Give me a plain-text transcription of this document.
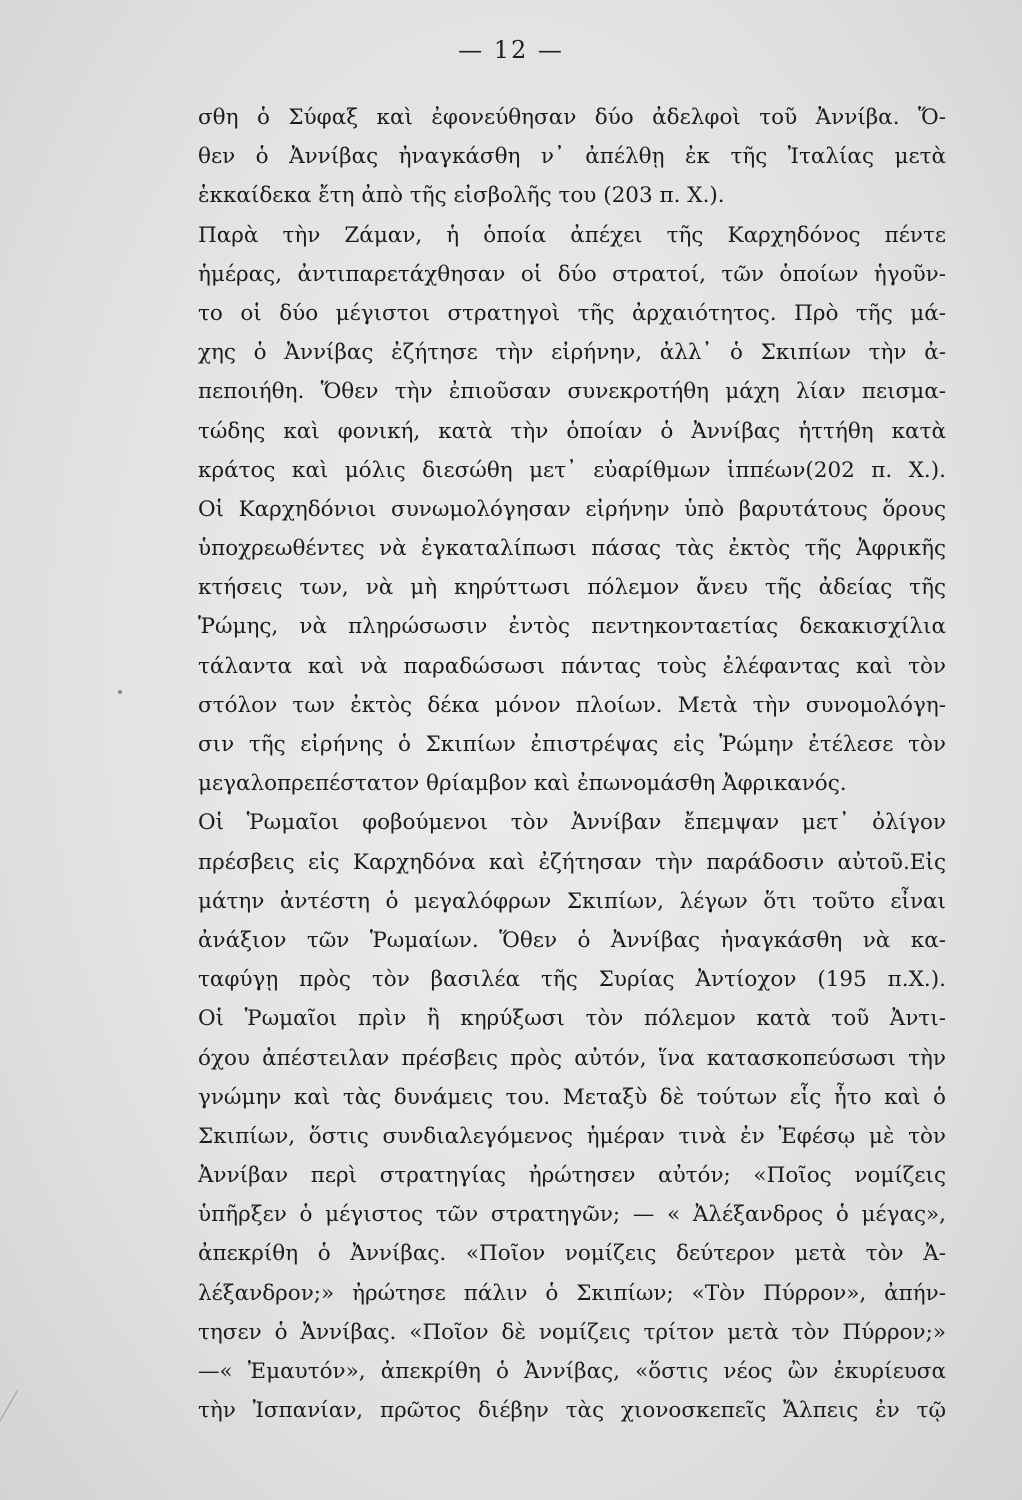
— 12 —
σθη ὁ Σύφαξ καὶ ἐφονεύθησαν δύο ἀδελφοὶ τοῦ Ἀννίβα. Ὅ-
θεν ὁ Ἀννίβας ἠναγκάσθη ν᾽ ἀπέλθῃ ἐκ τῆς Ἰταλίας μετὰ
ἑκκαίδεκα ἔτη ἀπὸ τῆς εἰσβολῆς του (203 π. Χ.).
Παρὰ τὴν Ζάμαν, ἡ ὁποία ἀπέχει τῆς Καρχηδόνος πέντε
ἡμέρας, ἀντιπαρετάχθησαν οἱ δύο στρατοί, τῶν ὁποίων ἡγοῦν-
το οἱ δύο μέγιστοι στρατηγοὶ τῆς ἀρχαιότητος. Πρὸ τῆς μά-
χης ὁ Ἀννίβας ἐζήτησε τὴν εἰρήνην, ἀλλ᾽ ὁ Σκιπίων τὴν ἀ-
πεποιήθη. Ὅθεν τὴν ἐπιοῦσαν συνεκροτήθη μάχη λίαν πεισμα-
τώδης καὶ φονική, κατὰ τὴν ὁποίαν ὁ Ἀννίβας ἡττήθη κατὰ
κράτος καὶ μόλις διεσώθη μετ᾽ εὐαρίθμων ἱππέων(202 π. Χ.).
Οἱ Καρχηδόνιοι συνωμολόγησαν εἰρήνην ὑπὸ βαρυτάτους ὅρους
ὑποχρεωθέντες νὰ ἐγκαταλίπωσι πάσας τὰς ἐκτὸς τῆς Ἀφρικῆς
κτήσεις των, νὰ μὴ κηρύττωσι πόλεμον ἄνευ τῆς ἀδείας τῆς
Ῥώμης, νὰ πληρώσωσιν ἐντὸς πεντηκονταετίας δεκακισχίλια
τάλαντα καὶ νὰ παραδώσωσι πάντας τοὺς ἐλέφαντας καὶ τὸν
στόλον των ἐκτὸς δέκα μόνον πλοίων. Μετὰ τὴν συνομολόγη-
σιν τῆς εἰρήνης ὁ Σκιπίων ἐπιστρέψας εἰς Ῥώμην ἐτέλεσε τὸν
μεγαλοπρεπέστατον θρίαμβον καὶ ἐπωνομάσθη Ἀφρικανός.
Οἱ Ῥωμαῖοι φοβούμενοι τὸν Ἀννίβαν ἔπεμψαν μετ᾽ ὀλίγον
πρέσβεις εἰς Καρχηδόνα καὶ ἐζήτησαν τὴν παράδοσιν αὐτοῦ.Εἰς
μάτην ἀντέστη ὁ μεγαλόφρων Σκιπίων, λέγων ὅτι τοῦτο εἶναι
ἀνάξιον τῶν Ῥωμαίων. Ὅθεν ὁ Ἀννίβας ἠναγκάσθη νὰ κα-
ταφύγῃ πρὸς τὸν βασιλέα τῆς Συρίας Ἀντίοχον (195 π.Χ.).
Οἱ Ῥωμαῖοι πρὶν ἢ κηρύξωσι τὸν πόλεμον κατὰ τοῦ Ἀντι-
όχου ἀπέστειλαν πρέσβεις πρὸς αὐτόν, ἵνα κατασκοπεύσωσι τὴν
γνώμην καὶ τὰς δυνάμεις του. Μεταξὺ δὲ τούτων εἷς ἦτο καὶ ὁ
Σκιπίων, ὅστις συνδιαλεγόμενος ἡμέραν τινὰ ἐν Ἐφέσῳ μὲ τὸν
Ἀννίβαν περὶ στρατηγίας ἠρώτησεν αὐτόν; «Ποῖος νομίζεις
ὑπῆρξεν ὁ μέγιστος τῶν στρατηγῶν; — « Ἀλέξανδρος ὁ μέγας»,
ἀπεκρίθη ὁ Ἀννίβας. «Ποῖον νομίζεις δεύτερον μετὰ τὸν Ἀ-
λέξανδρον;» ἠρώτησε πάλιν ὁ Σκιπίων; «Τὸν Πύρρον», ἀπήν-
τησεν ὁ Ἀννίβας. «Ποῖον δὲ νομίζεις τρίτον μετὰ τὸν Πύρρον;»
—« Ἐμαυτόν», ἀπεκρίθη ὁ Ἀννίβας, «ὅστις νέος ὢν ἐκυρίευσα
τὴν Ἰσπανίαν, πρῶτος διέβην τὰς χιονοσκεπεῖς Ἄλπεις ἐν τῷ
